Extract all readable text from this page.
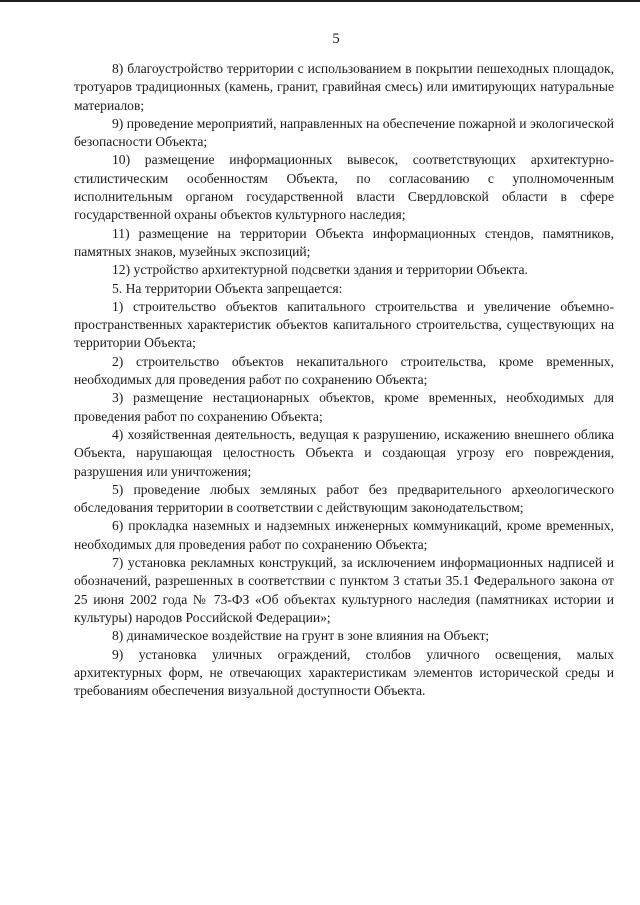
5

8) благоустройство территории с использованием в покрытии пешеходных площадок, тротуаров традиционных (камень, гранит, гравийная смесь) или имитирующих натуральные материалов;

9) проведение мероприятий, направленных на обеспечение пожарной и экологической безопасности Объекта;

10) размещение информационных вывесок, соответствующих архитектурно-стилистическим особенностям Объекта, по согласованию с уполномоченным исполнительным органом государственной власти Свердловской области в сфере государственной охраны объектов культурного наследия;

11) размещение на территории Объекта информационных стендов, памятников, памятных знаков, музейных экспозиций;

12) устройство архитектурной подсветки здания и территории Объекта.

5. На территории Объекта запрещается:

1) строительство объектов капитального строительства и увеличение объемно-пространственных характеристик объектов капитального строительства, существующих на территории Объекта;

2) строительство объектов некапитального строительства, кроме временных, необходимых для проведения работ по сохранению Объекта;

3) размещение нестационарных объектов, кроме временных, необходимых для проведения работ по сохранению Объекта;

4) хозяйственная деятельность, ведущая к разрушению, искажению внешнего облика Объекта, нарушающая целостность Объекта и создающая угрозу его повреждения, разрушения или уничтожения;

5) проведение любых земляных работ без предварительного археологического обследования территории в соответствии с действующим законодательством;

6) прокладка наземных и надземных инженерных коммуникаций, кроме временных, необходимых для проведения работ по сохранению Объекта;

7) установка рекламных конструкций, за исключением информационных надписей и обозначений, разрешенных в соответствии с пунктом 3 статьи 35.1 Федерального закона от 25 июня 2002 года № 73-ФЗ «Об объектах культурного наследия (памятниках истории и культуры) народов Российской Федерации»;

8) динамическое воздействие на грунт в зоне влияния на Объект;

9) установка уличных ограждений, столбов уличного освещения, малых архитектурных форм, не отвечающих характеристикам элементов исторической среды и требованиям обеспечения визуальной доступности Объекта.
